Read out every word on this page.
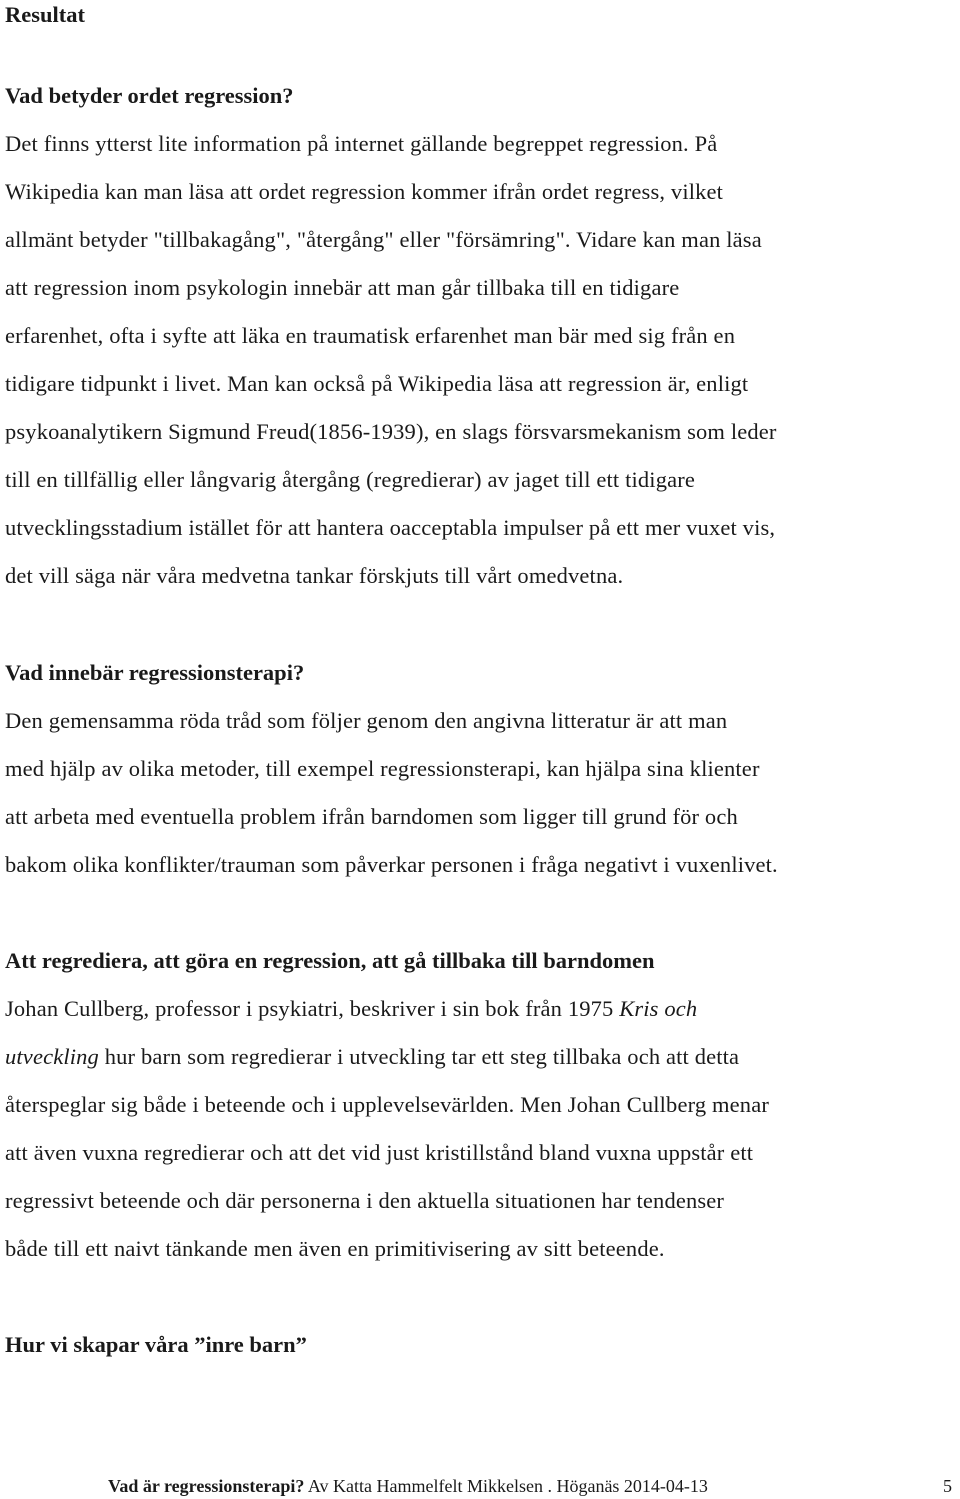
Resultat
Vad betyder ordet regression?

Det finns ytterst lite information på internet gällande begreppet regression. På
Wikipedia kan man läsa att ordet regression kommer ifrån ordet regress, vilket
allmänt betyder "tillbakagång", "återgång" eller "försämring". Vidare kan man läsa
att regression inom psykologin innebär att man går tillbaka till en tidigare
erfarenhet, ofta i syfte att läka en traumatisk erfarenhet man bär med sig från en
tidigare tidpunkt i livet. Man kan också på Wikipedia läsa att regression är, enligt
psykoanalytikern Sigmund Freud(1856-1939), en slags försvarsmekanism som leder
till en tillfällig eller långvarig återgång (regredierar) av jaget till ett tidigare
utvecklingsstadium istället för att hantera oacceptabla impulser på ett mer vuxet vis,
det vill säga när våra medvetna tankar förskjuts till vårt omedvetna.

Vad innebär regressionsterapi?

Den gemensamma röda tråd som följer genom den angivna litteratur är att man
med hjälp av olika metoder, till exempel regressionsterapi, kan hjälpa sina klienter
att arbeta med eventuella problem ifrån barndomen som ligger till grund för och
bakom olika konflikter/trauman som påverkar personen i fråga negativt i vuxenlivet.

Att regrediera, att göra en regression, att gå tillbaka till barndomen

Johan Cullberg, professor i psykiatri, beskriver i sin bok från 1975 Kris och
utveckling hur barn som regredierar i utveckling tar ett steg tillbaka och att detta
återspeglar sig både i beteende och i upplevelsevärlden. Men Johan Cullberg menar
att även vuxna regredierar och att det vid just kristillstånd bland vuxna uppstår ett
regressivt beteende och där personerna i den aktuella situationen har tendenser
både till ett naivt tänkande men även en primitivisering av sitt beteende.

Hur vi skapar våra ”inre barn”
Vad är regressionsterapi? Av Katta Hammelfelt Mikkelsen . Höganäs 2014-04-13	5
